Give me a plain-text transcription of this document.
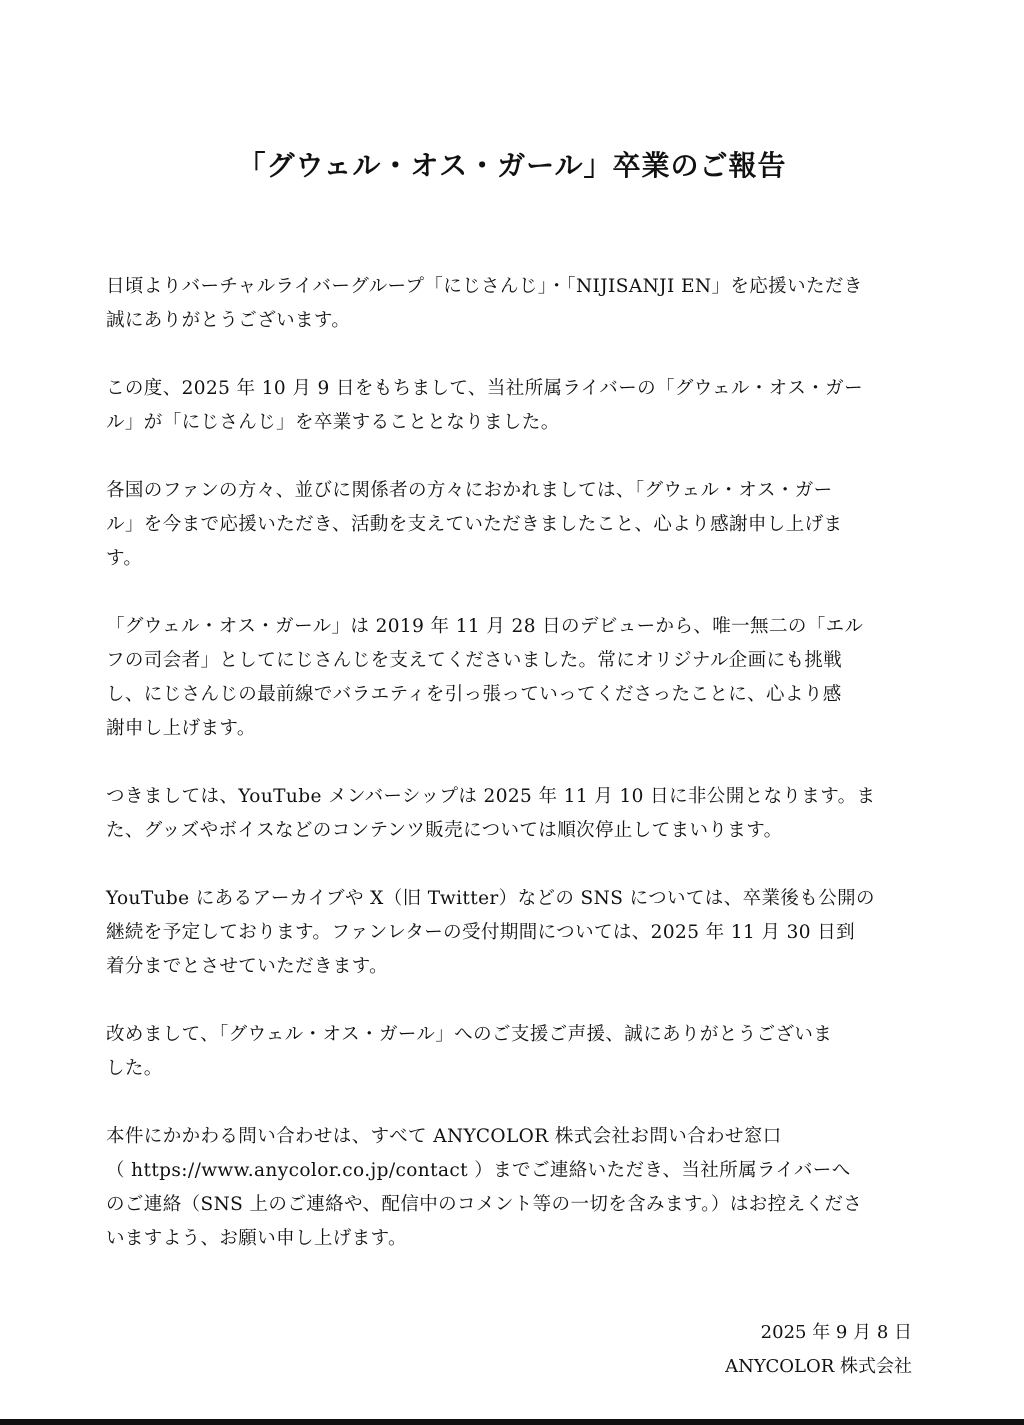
「グウェル・オス・ガール」卒業のご報告

日頃よりバーチャルライバーグループ「にじさんじ」・「NIJISANJI EN」を応援いただき
誠にありがとうございます。

この度、2025 年 10 月 9 日をもちまして、当社所属ライバーの「グウェル・オス・ガー
ル」が「にじさんじ」を卒業することとなりました。

各国のファンの方々、並びに関係者の方々におかれましては、「グウェル・オス・ガー
ル」を今まで応援いただき、活動を支えていただきましたこと、心より感謝申し上げま
す。

「グウェル・オス・ガール」は 2019 年 11 月 28 日のデビューから、唯一無二の「エル
フの司会者」としてにじさんじを支えてくださいました。常にオリジナル企画にも挑戦
し、にじさんじの最前線でバラエティを引っ張っていってくださったことに、心より感
謝申し上げます。

つきましては、YouTube メンバーシップは 2025 年 11 月 10 日に非公開となります。ま
た、グッズやボイスなどのコンテンツ販売については順次停止してまいります。

YouTube にあるアーカイブや X（旧 Twitter）などの SNS については、卒業後も公開の
継続を予定しております。ファンレターの受付期間については、2025 年 11 月 30 日到
着分までとさせていただきます。

改めまして、「グウェル・オス・ガール」へのご支援ご声援、誠にありがとうございま
した。

本件にかかわる問い合わせは、すべて ANYCOLOR 株式会社お問い合わせ窓口
（ https://www.anycolor.co.jp/contact ）までご連絡いただき、当社所属ライバーへ
のご連絡（SNS 上のご連絡や、配信中のコメント等の一切を含みます。）はお控えくださ
いますよう、お願い申し上げます。

2025 年 9 月 8 日
ANYCOLOR 株式会社
